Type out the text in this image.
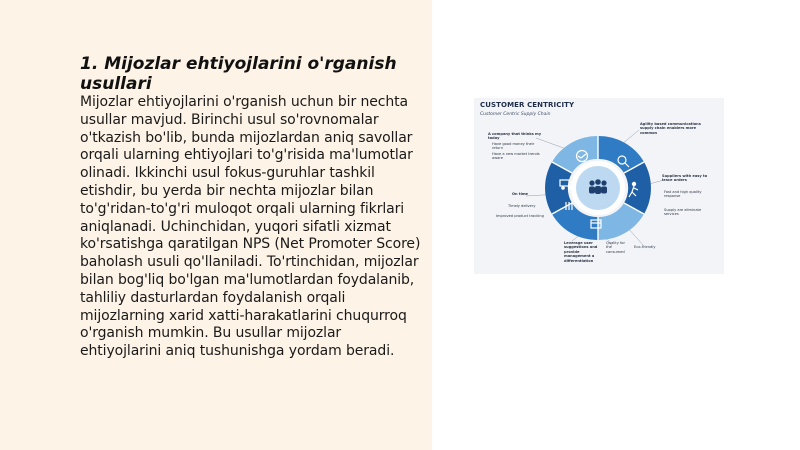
1. Mijozlar ehtiyojlarini o'rganish usullari

Mijozlar ehtiyojlarini o'rganish uchun bir nechta usullar mavjud. Birinchi usul so'rovnomalar o'tkazish bo'lib, bunda mijozlardan aniq savollar orqali ularning ehtiyojlari to'g'risida ma'lumotlar olinadi. Ikkinchi usul fokus-guruhlar tashkil etishdir, bu yerda bir nechta mijozlar bilan to'g'ridan-to'g'ri muloqot orqali ularning fikrlari aniqlanadi. Uchinchidan, yuqori sifatli xizmat ko'rsatishga qaratilgan NPS (Net Promoter Score) baholash usuli qo'llaniladi. To'rtinchidan, mijozlar bilan bog'liq bo'lgan ma'lumotlardan foydalanib, tahliliy dasturlardan foydalanish orqali mijozlarning xarid xatti-harakatlarini chuqurroq o'rganish mumkin. Bu usullar mijozlar ehtiyojlarini aniq tushunishga yordam beradi.

CUSTOMER CENTRICITY
Customer Centric Supply Chain
A company that thinks my today
Have good money their return
Have a new market trends aware
Agility based communications supply chain enablers more common
On time
Timely delivery
Improved product tracking
Suppliers with easy to trace orders
Fast and high quality response
Supply are eliminate services
Leverage user suggestions and provide management a differentiation
Quality for the consumed
Eco-friendly
